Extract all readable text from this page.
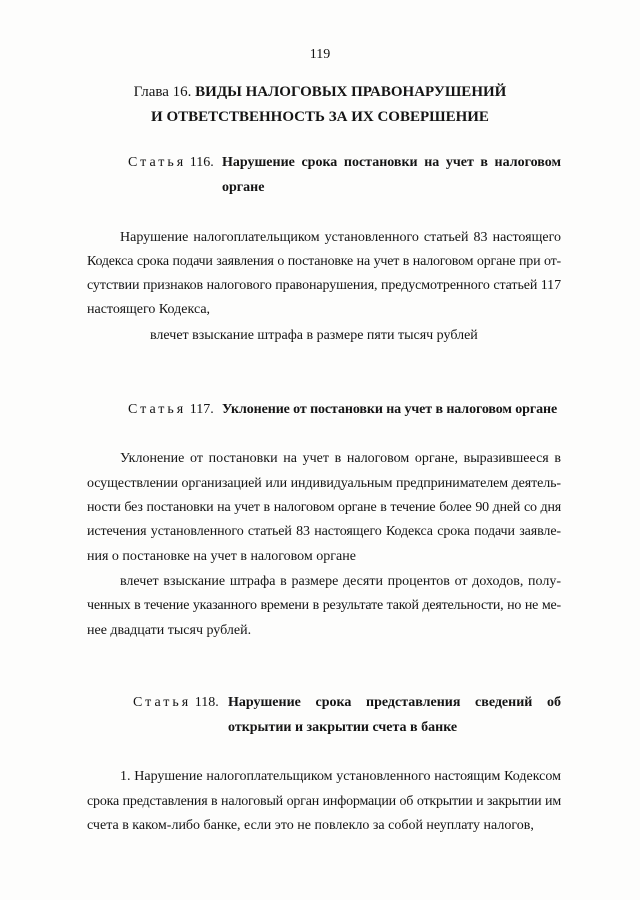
119
Глава 16. ВИДЫ НАЛОГОВЫХ ПРАВОНАРУШЕНИЙ
И ОТВЕТСТВЕННОСТЬ ЗА ИХ СОВЕРШЕНИЕ
Статья 116. Нарушение срока постановки на учет в налоговом
органе
Нарушение налогоплательщиком установленного статьей 83 настоящего
Кодекса срока подачи заявления о постановке на учет в налоговом органе при от-
сутствии признаков налогового правонарушения, предусмотренного статьей 117
настоящего Кодекса,
влечет взыскание штрафа в размере пяти тысяч рублей
Статья 117. Уклонение от постановки на учет в налоговом органе
Уклонение от постановки на учет в налоговом органе, выразившееся в
осуществлении организацией или индивидуальным предпринимателем деятель-
ности без постановки на учет в налоговом органе в течение более 90 дней со дня
истечения установленного статьей 83 настоящего Кодекса срока подачи заявле-
ния о постановке на учет в налоговом органе
влечет взыскание штрафа в размере десяти процентов от доходов, полу-
ченных в течение указанного времени в результате такой деятельности, но не ме-
нее двадцати тысяч рублей.
Статья 118. Нарушение срока представления сведений об
открытии и закрытии счета в банке
1. Нарушение налогоплательщиком установленного настоящим Кодексом
срока представления в налоговый орган информации об открытии и закрытии им
счета в каком-либо банке, если это не повлекло за собой неуплату налогов,
